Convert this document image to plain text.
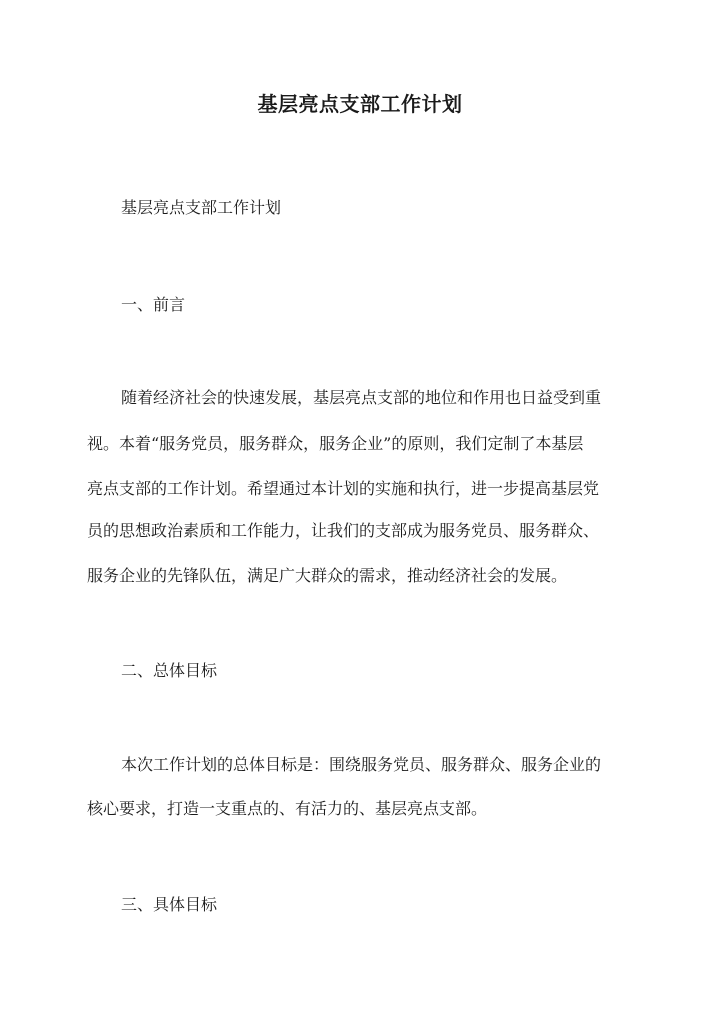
基层亮点支部工作计划
基层亮点支部工作计划
一、前言
随着经济社会的快速发展，基层亮点支部的地位和作用也日益受到重
视。本着“服务党员，服务群众，服务企业”的原则，我们定制了本基层
亮点支部的工作计划。希望通过本计划的实施和执行，进一步提高基层党
员的思想政治素质和工作能力，让我们的支部成为服务党员、服务群众、
服务企业的先锋队伍，满足广大群众的需求，推动经济社会的发展。
二、总体目标
本次工作计划的总体目标是：围绕服务党员、服务群众、服务企业的
核心要求，打造一支重点的、有活力的、基层亮点支部。
三、具体目标
